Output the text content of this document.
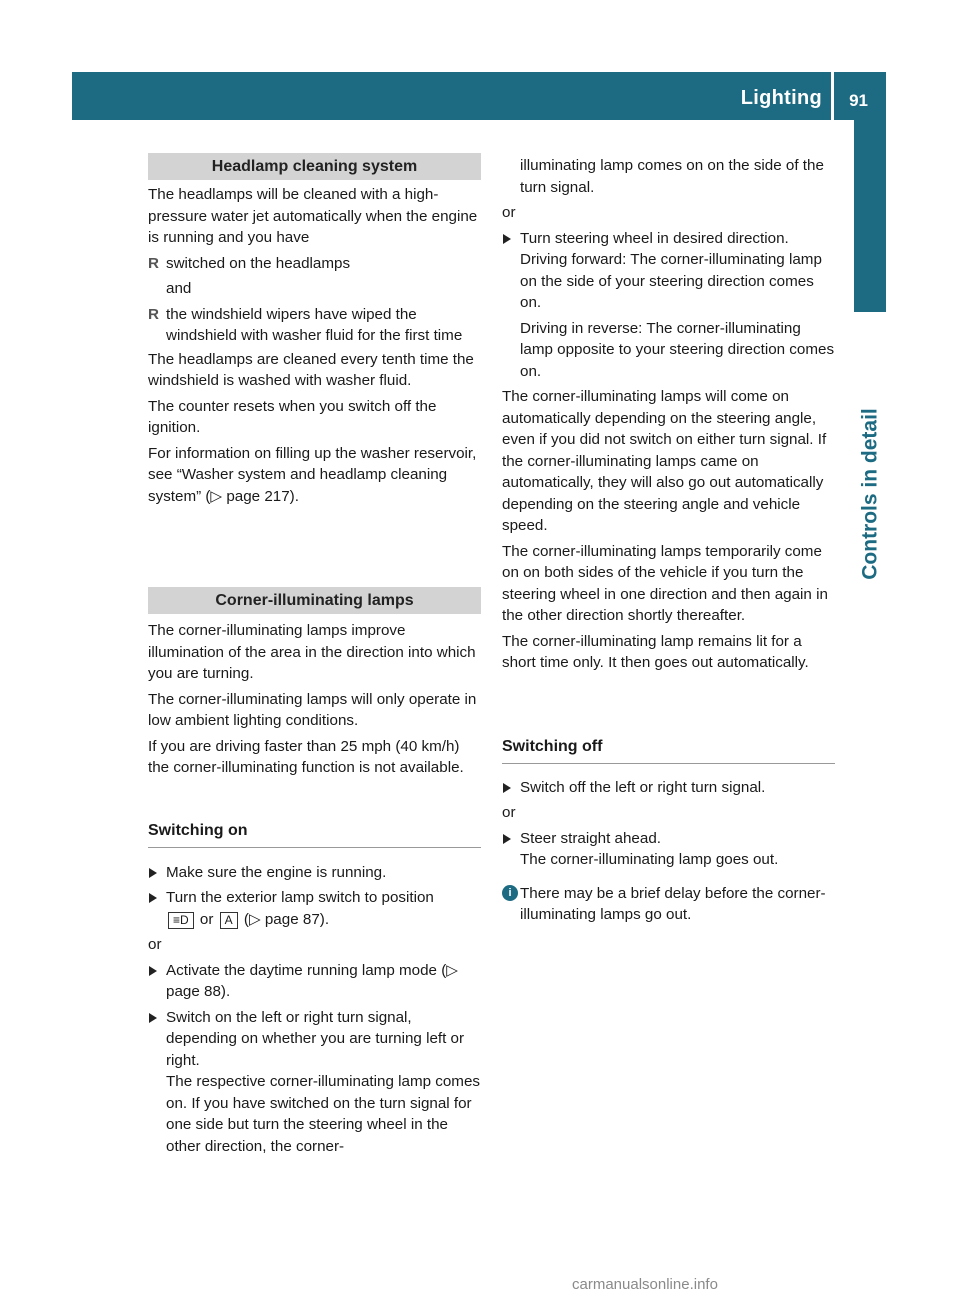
Lighting 91
Controls in detail
Headlamp cleaning system

The headlamps will be cleaned with a high-pressure water jet automatically when the engine is running and you have

R switched on the headlamps

and

R the windshield wipers have wiped the windshield with washer fluid for the first time

The headlamps are cleaned every tenth time the windshield is washed with washer fluid.

The counter resets when you switch off the ignition.

For information on filling up the washer reservoir, see “Washer system and headlamp cleaning system” (▷ page 217).

Corner-illuminating lamps

The corner-illuminating lamps improve illumination of the area in the direction into which you are turning.

The corner-illuminating lamps will only operate in low ambient lighting conditions.

If you are driving faster than 25 mph (40 km/h) the corner-illuminating function is not available.

Switching on
Make sure the engine is running.
Turn the exterior lamp switch to position
≡D or A (▷ page 87).

or

Activate the daytime running lamp mode (▷ page 88).
Switch on the left or right turn signal, depending on whether you are turning left or right.

The respective corner-illuminating lamp comes on. If you have switched on the turn signal for one side but turn the steering wheel in the other direction, the corner-

illuminating lamp comes on on the side of the turn signal.

or

Turn steering wheel in desired direction.

Driving forward: The corner-illuminating lamp on the side of your steering direction comes on.

Driving in reverse: The corner-illuminating lamp opposite to your steering direction comes on.

The corner-illuminating lamps will come on automatically depending on the steering angle, even if you did not switch on either turn signal. If the corner-illuminating lamps came on automatically, they will also go out automatically depending on the steering angle and vehicle speed.

The corner-illuminating lamps temporarily come on on both sides of the vehicle if you turn the steering wheel in one direction and then again in the other direction shortly thereafter.

The corner-illuminating lamp remains lit for a short time only. It then goes out automatically.

Switching off
Switch off the left or right turn signal.

or

Steer straight ahead.

The corner-illuminating lamp goes out.

i There may be a brief delay before the corner-illuminating lamps go out.
carmanualsonline.info
